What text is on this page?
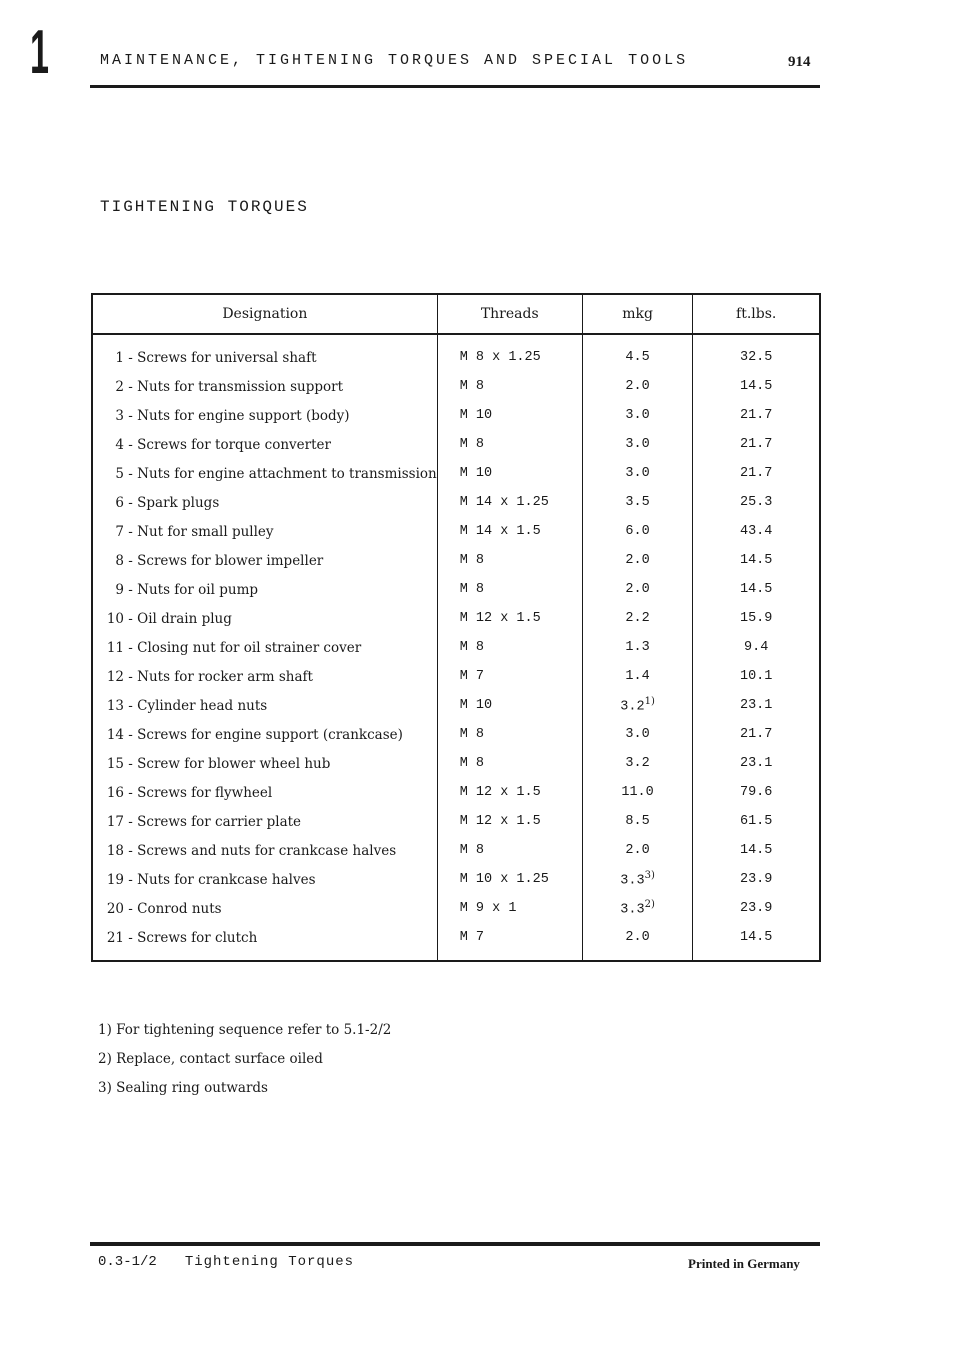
1	MAINTENANCE, TIGHTENING TORQUES AND SPECIAL TOOLS	914
TIGHTENING TORQUES
Designation	Threads	mkg	ft.lbs.
1 - Screws for universal shaft	M 8 x 1.25	4.5	32.5
2 - Nuts for transmission support	M 8	2.0	14.5
3 - Nuts for engine support (body)	M 10	3.0	21.7
4 - Screws for torque converter	M 8	3.0	21.7
5 - Nuts for engine attachment to transmission	M 10	3.0	21.7
6 - Spark plugs	M 14 x 1.25	3.5	25.3
7 - Nut for small pulley	M 14 x 1.5	6.0	43.4
8 - Screws for blower impeller	M 8	2.0	14.5
9 - Nuts for oil pump	M 8	2.0	14.5
10 - Oil drain plug	M 12 x 1.5	2.2	15.9
11 - Closing nut for oil strainer cover	M 8	1.3	9.4
12 - Nuts for rocker arm shaft	M 7	1.4	10.1
13 - Cylinder head nuts	M 10	3.2$^{1)}$	23.1
14 - Screws for engine support (crankcase)	M 8	3.0	21.7
15 - Screw for blower wheel hub	M 8	3.2	23.1
16 - Screws for flywheel	M 12 x 1.5	11.0	79.6
17 - Screws for carrier plate	M 12 x 1.5	8.5	61.5
18 - Screws and nuts for crankcase halves	M 8	2.0	14.5
19 - Nuts for crankcase halves	M 10 x 1.25	3.3$^{3)}$	23.9
20 - Conrod nuts	M 9 x 1	3.3$^{2)}$	23.9
21 - Screws for clutch	M 7	2.0	14.5
1) For tightening sequence refer to 5.1-2/2
2) Replace, contact surface oiled
3) Sealing ring outwards
0.3-1/2 Tightening Torques	Printed in Germany
